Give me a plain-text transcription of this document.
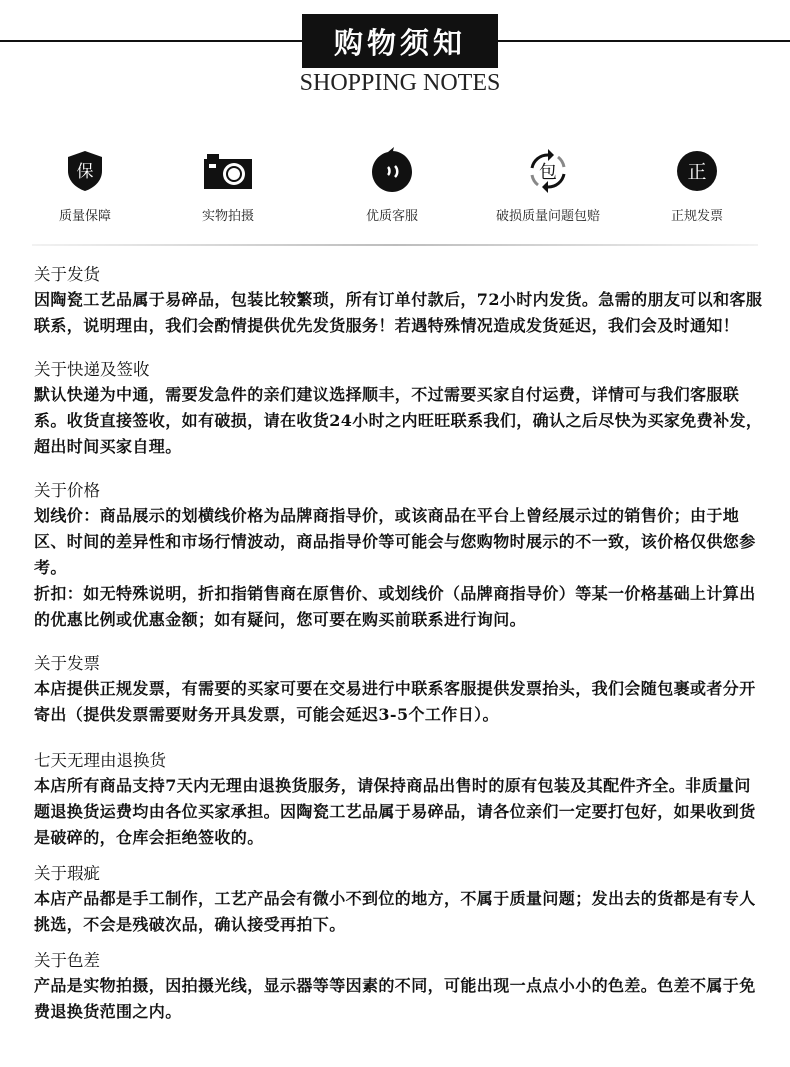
购物须知
SHOPPING NOTES
保
质量保障	实物拍摄	优质客服
包
破损质量问题包赔
正
正规发票
关于发货
因陶瓷工艺品属于易碎品，包装比较繁琐，所有订单付款后，72小时内发货。急需的朋友可以和客服联系，说明理由，我们会酌情提供优先发货服务！若遇特殊情况造成发货延迟，我们会及时通知！
关于快递及签收
默认快递为中通，需要发急件的亲们建议选择顺丰，不过需要买家自付运费，详情可与我们客服联系。收货直接签收，如有破损，请在收货24小时之内旺旺联系我们，确认之后尽快为买家免费补发，超出时间买家自理。
关于价格
划线价：商品展示的划横线价格为品牌商指导价，或该商品在平台上曾经展示过的销售价；由于地区、时间的差异性和市场行情波动，商品指导价等可能会与您购物时展示的不一致，该价格仅供您参考。
折扣：如无特殊说明，折扣指销售商在原售价、或划线价（品牌商指导价）等某一价格基础上计算出的优惠比例或优惠金额；如有疑问，您可要在购买前联系进行询问。
关于发票
本店提供正规发票，有需要的买家可要在交易进行中联系客服提供发票抬头，我们会随包裹或者分开寄出（提供发票需要财务开具发票，可能会延迟3-5个工作日）。
七天无理由退换货
本店所有商品支持7天内无理由退换货服务，请保持商品出售时的原有包装及其配件齐全。非质量问题退换货运费均由各位买家承担。因陶瓷工艺品属于易碎品，请各位亲们一定要打包好，如果收到货是破碎的，仓库会拒绝签收的。
关于瑕疵
本店产品都是手工制作，工艺产品会有微小不到位的地方，不属于质量问题；发出去的货都是有专人挑选，不会是残破次品，确认接受再拍下。
关于色差
产品是实物拍摄，因拍摄光线，显示器等等因素的不同，可能出现一点点小小的色差。色差不属于免费退换货范围之内。
